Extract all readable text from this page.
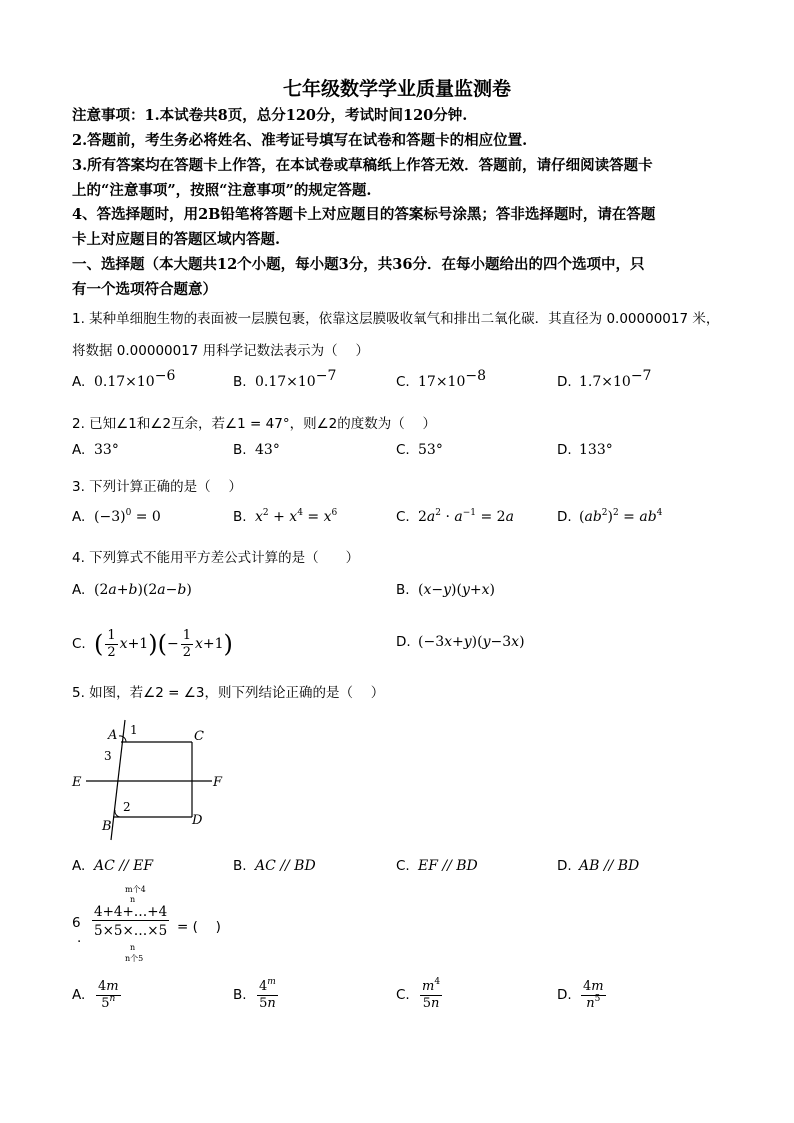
七年级数学学业质量监测卷
注意事项：1.本试卷共8页，总分120分，考试时间120分钟.
2.答题前，考生务必将姓名、准考证号填写在试卷和答题卡的相应位置.
3.所有答案均在答题卡上作答，在本试卷或草稿纸上作答无效．答题前，请仔细阅读答题卡
上的“注意事项”，按照“注意事项”的规定答题.
4、答选择题时，用2B铅笔将答题卡上对应题目的答案标号涂黑；答非选择题时，请在答题
卡上对应题目的答题区域内答题.
一、选择题（本大题共12个小题，每小题3分，共36分．在每小题给出的四个选项中，只
有一个选项符合题意）
1. 某种单细胞生物的表面被一层膜包裹，依靠这层膜吸收氧气和排出二氧化碳．其直径为 0.00000017 米，
将数据 0.00000017 用科学记数法表示为（　 ）
A. $0.17\times 10^{-6}$	B. $0.17\times 10^{-7}$	C. $17\times 10^{-8}$	D. $1.7\times 10^{-7}$
2. 已知∠1和∠2互余，若∠1 = 47°，则∠2的度数为（　 ）
A. 33°	B. 43°	C. 53°	D. 133°
3. 下列计算正确的是（　 ）
A. $(-3)^0 = 0$	B. $x^2 + x^4 = x^6$	C. $2a^2 \cdot a^{-1} = 2a$	D. $(ab^2)^2 = ab^4$
4. 下列算式不能用平方差公式计算的是（　　）
A. (2a+b)(2a−b)	B. (x−y)(y+x)
C. ( $\frac{1}{2}$ x +1 ) ( − $\frac{1}{2}$ x +1 )	D. (−3x+y)(y−3x)
5. 如图，若∠2 = ∠3，则下列结论正确的是（　 ）
A 1
3
C
E	F
2
B	D
A. AC // EF	B. AC // BD	C. EF // BD	D. AB // BD
6
.
m个4
n
$\frac{4+4+\dots+4}{5\times 5\times\dots\times 5}$
n
n个5
= (　 )
A. $\frac{4m}{5^n}$	B. $\frac{4^m}{5n}$	C. $\frac{m^4}{5n}$	D. $\frac{4m}{n^5}$
